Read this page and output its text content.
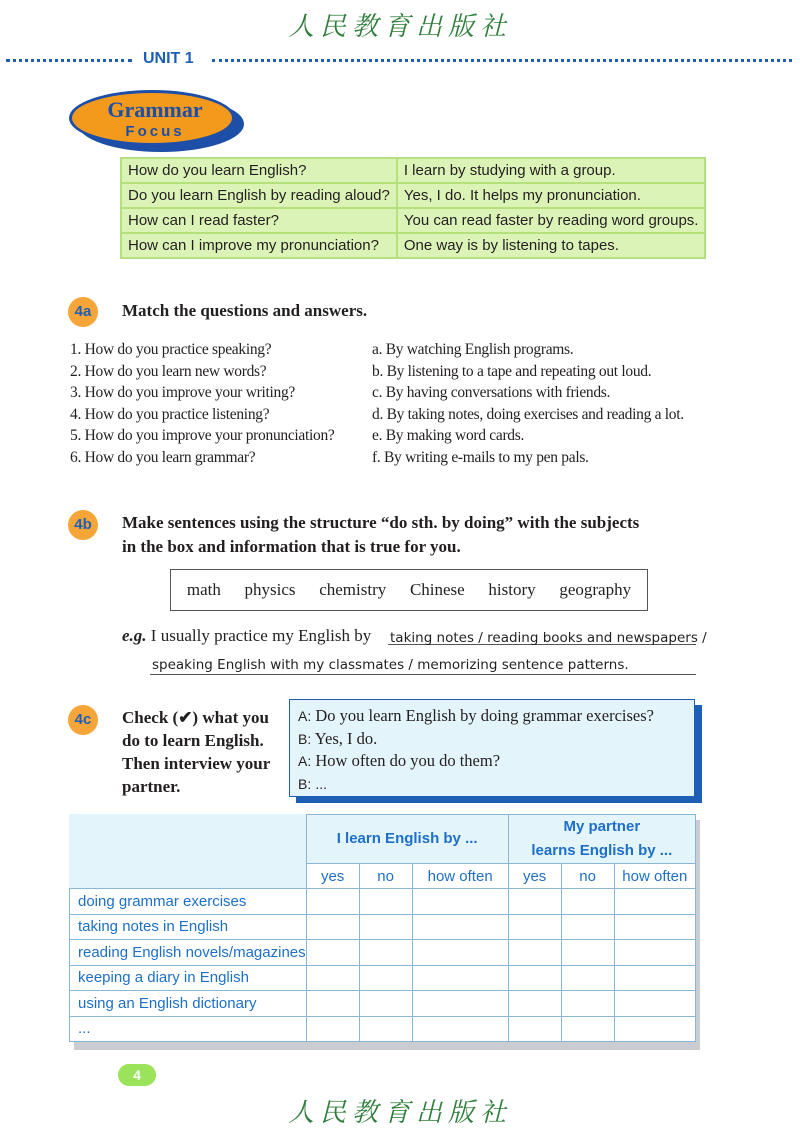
人民教育出版社
UNIT 1
Grammar
Focus
How do you learn English?	I learn by studying with a group.
Do you learn English by reading aloud?	Yes, I do. It helps my pronunciation.
How can I read faster?	You can read faster by reading word groups.
How can I improve my pronunciation?	One way is by listening to tapes.
4a	Match the questions and answers.
1. How do you practice speaking?
2. How do you learn new words?
3. How do you improve your writing?
4. How do you practice listening?
5. How do you improve your pronunciation?
6. How do you learn grammar?
a. By watching English programs.
b. By listening to a tape and repeating out loud.
c. By having conversations with friends.
d. By taking notes, doing exercises and reading a lot.
e. By making word cards.
f. By writing e-mails to my pen pals.
4b	Make sentences using the structure “do sth. by doing” with the subjects
in the box and information that is true for you.
math physics chemistry Chinese history geography
e.g. I usually practice my English by taking notes / reading books and newspapers /
speaking English with my classmates / memorizing sentence patterns.
4c	Check (✔) what you
do to learn English.
Then interview your
partner.
A: Do you learn English by doing grammar exercises?
B: Yes, I do.
A: How often do you do them?
B: ...
	I learn English by ...			My partner
learns English by ...		

	yes	no	how often	yes	no	how often
doing grammar exercises						
taking notes in English						
reading English novels/magazines						
keeping a diary in English						
using an English dictionary						
...						
4
人民教育出版社
